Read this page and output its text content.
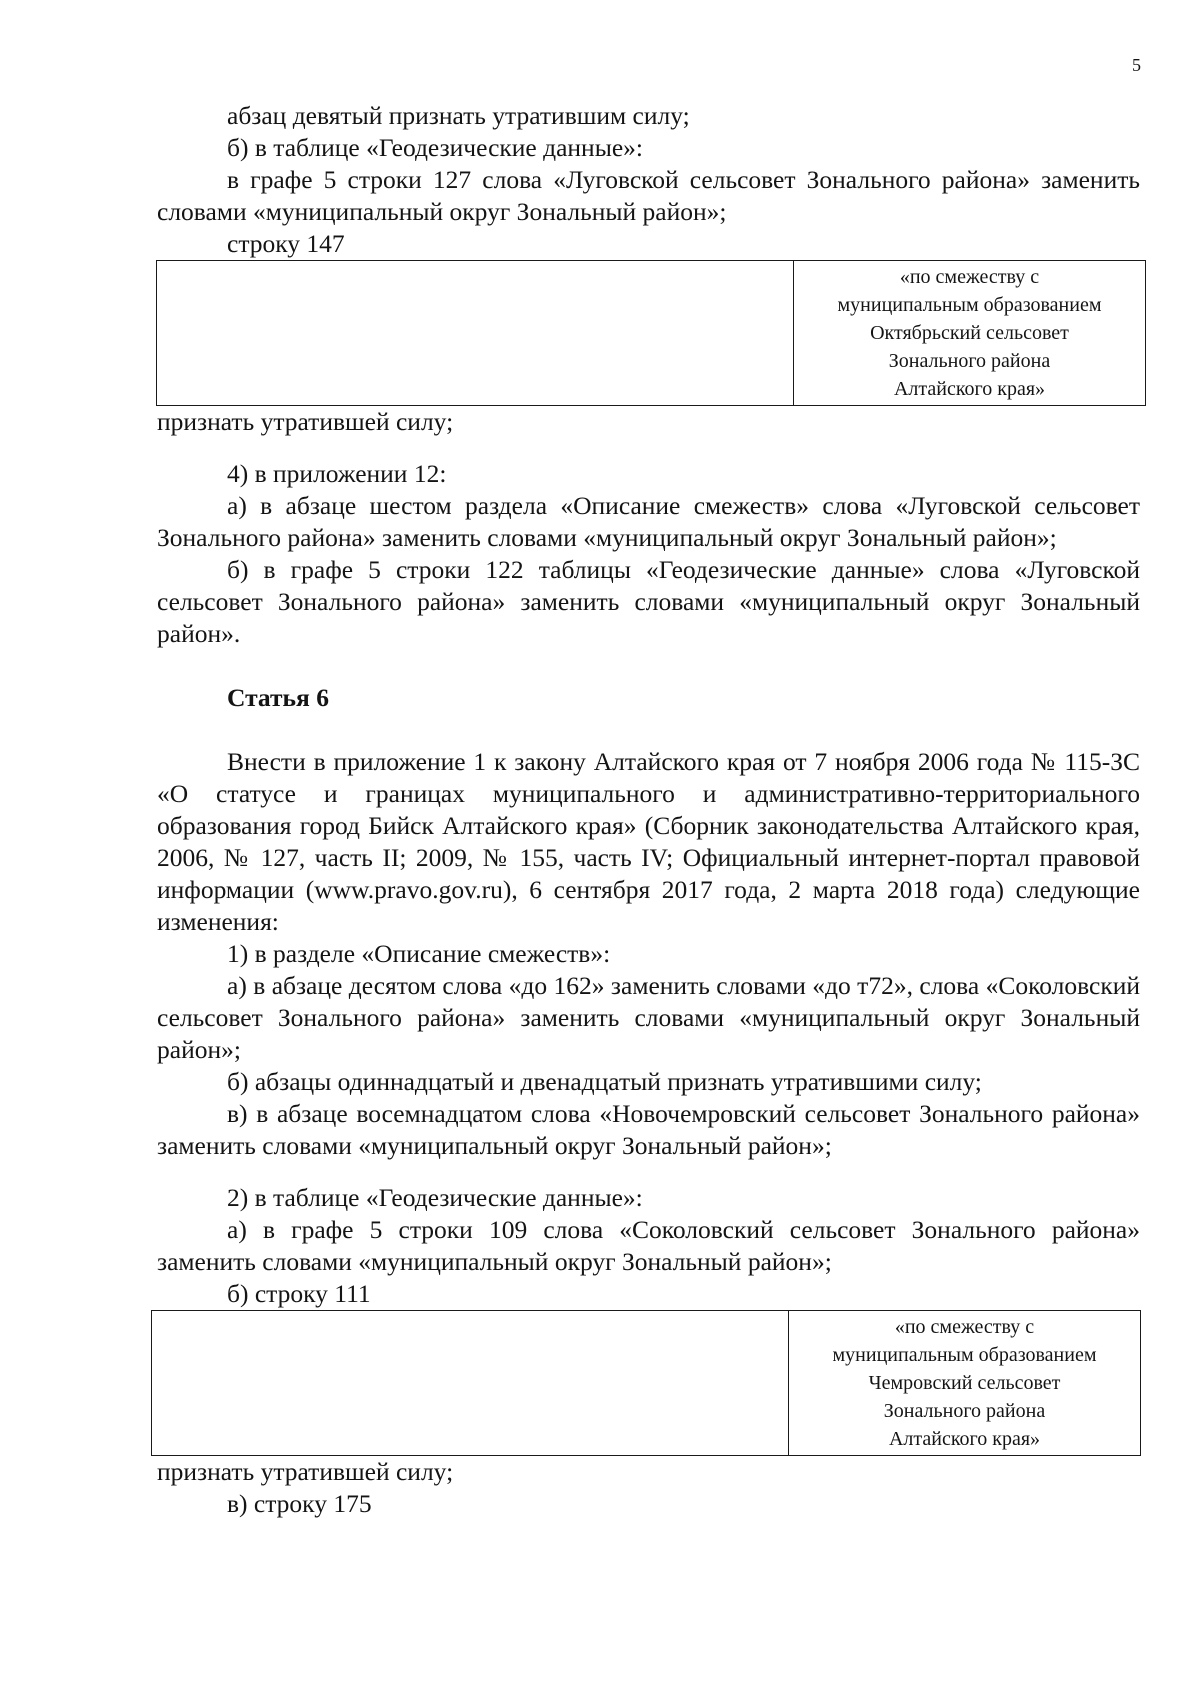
5

абзац девятый признать утратившим силу;

б) в таблице «Геодезические данные»:

в графе 5 строки 127 слова «Луговской сельсовет Зонального района» заменить словами «муниципальный округ Зональный район»;

строку 147

«по смежеству с
муниципальным образованием
Октябрьский сельсовет
Зонального района
Алтайского края»

признать утратившей силу;

4) в приложении 12:

а) в абзаце шестом раздела «Описание смежеств» слова «Луговской сельсовет Зонального района» заменить словами «муниципальный округ Зональный район»;

б) в графе 5 строки 122 таблицы «Геодезические данные» слова «Луговской сельсовет Зонального района» заменить словами «муниципальный округ Зональный район».

Статья 6

Внести в приложение 1 к закону Алтайского края от 7 ноября 2006 года № 115-ЗС «О статусе и границах муниципального и административно-территориального образования город Бийск Алтайского края» (Сборник законодательства Алтайского края, 2006, № 127, часть II; 2009, № 155, часть IV; Официальный интернет-портал правовой информации (www.pravo.gov.ru), 6 сентября 2017 года, 2 марта 2018 года) следующие изменения:

1) в разделе «Описание смежеств»:

а) в абзаце десятом слова «до 162» заменить словами «до т72», слова «Соколовский сельсовет Зонального района» заменить словами «муниципальный округ Зональный район»;

б) абзацы одиннадцатый и двенадцатый признать утратившими силу;

в) в абзаце восемнадцатом слова «Новочемровский сельсовет Зонального района» заменить словами «муниципальный округ Зональный район»;

2) в таблице «Геодезические данные»:

а) в графе 5 строки 109 слова «Соколовский сельсовет Зонального района» заменить словами «муниципальный округ Зональный район»;

б) строку 111

«по смежеству с
муниципальным образованием
Чемровский сельсовет
Зонального района
Алтайского края»

признать утратившей силу;

в) строку 175
